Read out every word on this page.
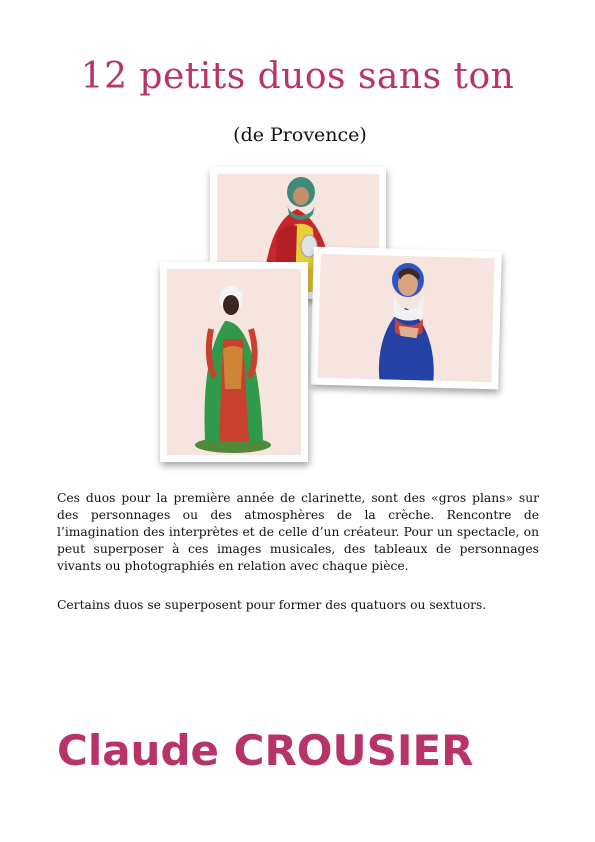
12 petits duos sans ton
(de Provence)

Ces duos pour la première année de clarinette, sont des «gros plans» sur des personnages ou des atmosphères de la crèche. Rencontre de l’imagination des interprètes et de celle d’un créateur. Pour un spectacle, on peut superposer à ces images musicales, des tableaux de personnages vivants ou photographiés en relation avec chaque pièce.

Certains duos se superposent pour former des quatuors ou sextuors.

Claude CROUSIER
